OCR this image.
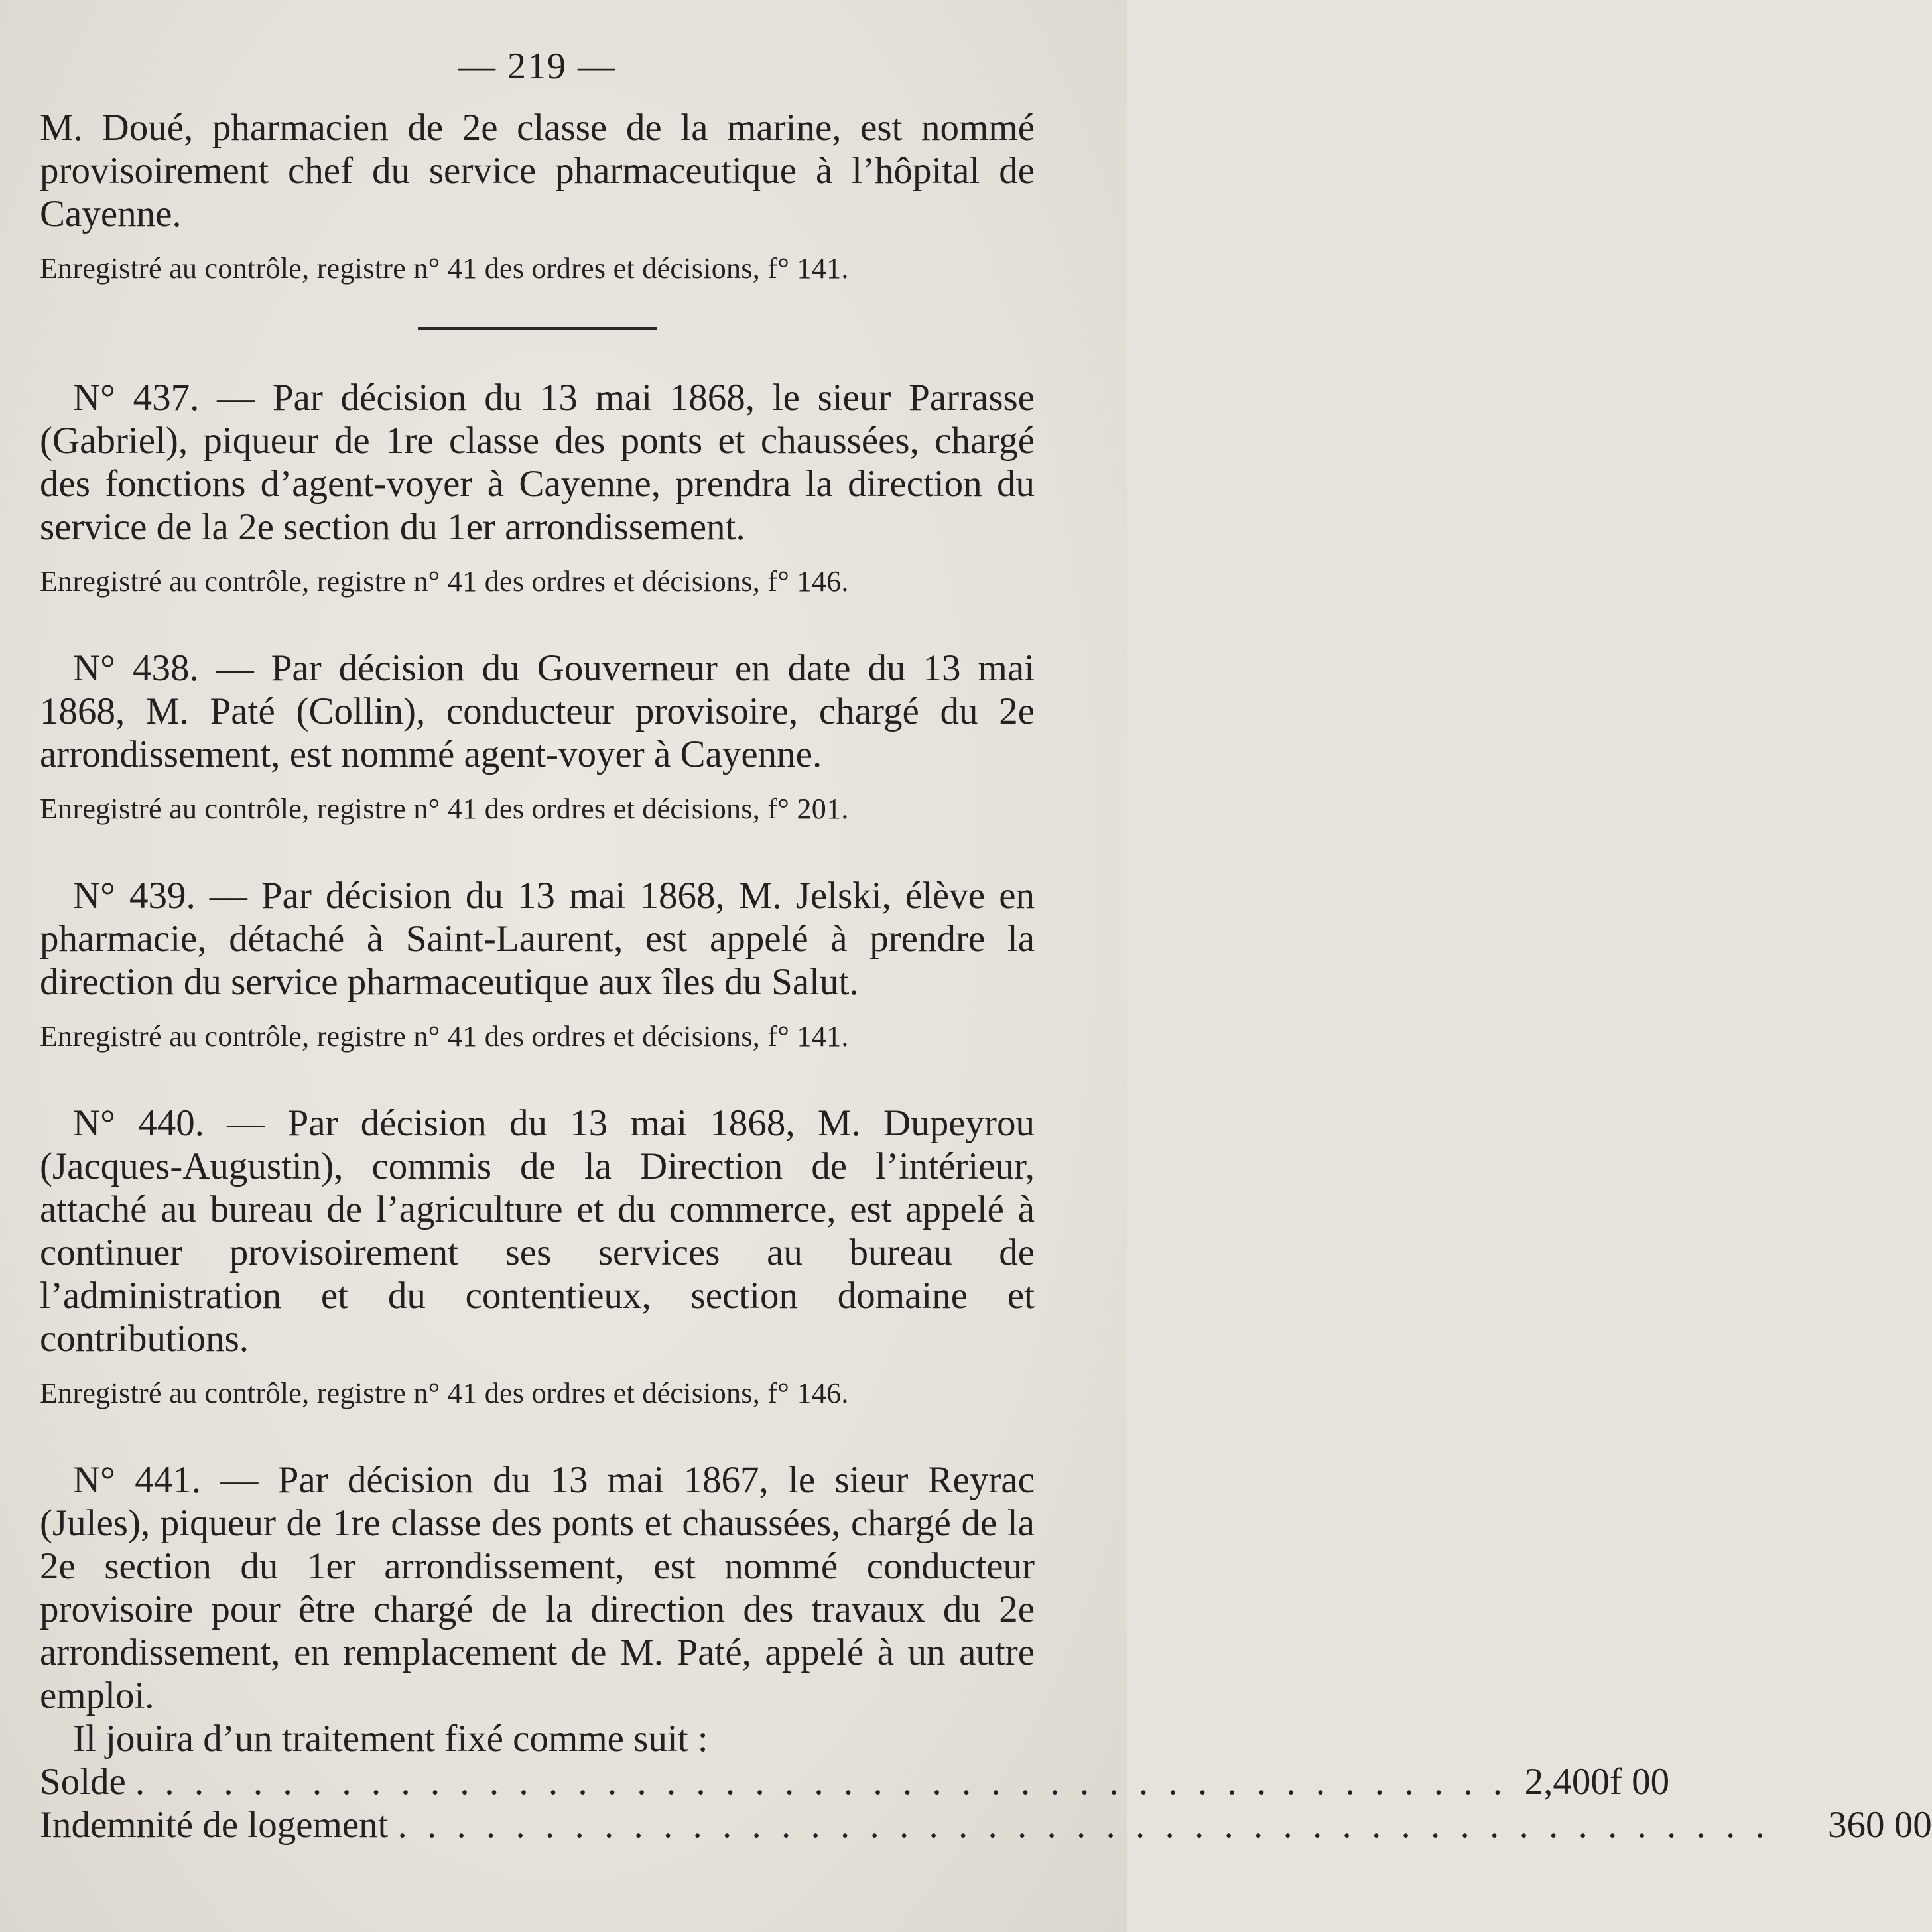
— 219 —

M. Doué, pharmacien de 2e classe de la marine, est nommé provisoirement chef du service pharmaceutique à l’hôpital de Cayenne.

Enregistré au contrôle, registre n° 41 des ordres et décisions, f° 141.

N° 437. — Par décision du 13 mai 1868, le sieur Parrasse (Gabriel), piqueur de 1re classe des ponts et chaussées, chargé des fonctions d’agent-voyer à Cayenne, prendra la direction du service de la 2e section du 1er arrondissement.

Enregistré au contrôle, registre n° 41 des ordres et décisions, f° 146.

N° 438. — Par décision du Gouverneur en date du 13 mai 1868, M. Paté (Collin), conducteur provisoire, chargé du 2e arrondissement, est nommé agent-voyer à Cayenne.

Enregistré au contrôle, registre n° 41 des ordres et décisions, f° 201.

N° 439. — Par décision du 13 mai 1868, M. Jelski, élève en pharmacie, détaché à Saint-Laurent, est appelé à prendre la direction du service pharmaceutique aux îles du Salut.

Enregistré au contrôle, registre n° 41 des ordres et décisions, f° 141.

N° 440. — Par décision du 13 mai 1868, M. Dupeyrou (Jacques-Augustin), commis de la Direction de l’intérieur, attaché au bureau de l’agriculture et du commerce, est appelé à continuer provisoirement ses services au bureau de l’administration et du contentieux, section domaine et contributions.

Enregistré au contrôle, registre n° 41 des ordres et décisions, f° 146.

N° 441. — Par décision du 13 mai 1867, le sieur Reyrac (Jules), piqueur de 1re classe des ponts et chaussées, chargé de la 2e section du 1er arrondissement, est nommé conducteur provisoire pour être chargé de la direction des travaux du 2e arrondissement, en remplacement de M. Paté, appelé à un autre emploi.

Il jouira d’un traitement fixé comme suit :

Solde . . . . . . . . . . . . . . . . . . . . . . . . . . . . . . . . . . . . . . . . . . . . . . . 2,400f 00
Indemnité de logement . . . . . . . . . . . . . . . . . . . . . . . . . . . . . . . . . . . . . . . . . . . . . . .	360 00
